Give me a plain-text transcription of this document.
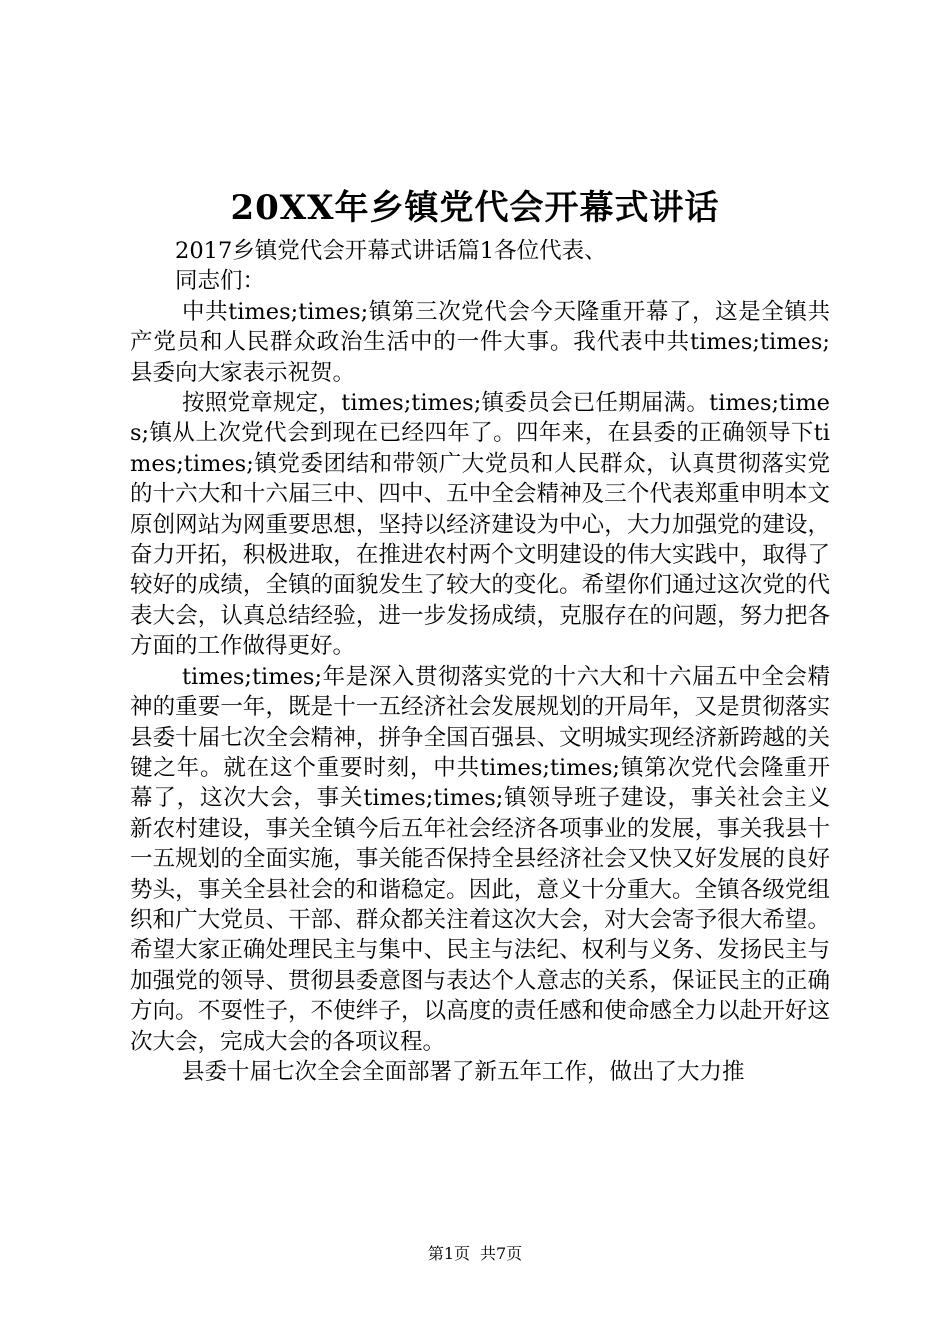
20XX年乡镇党代会开幕式讲话

2017乡镇党代会开幕式讲话篇1各位代表、

同志们：

中共times;times;镇第三次党代会今天隆重开幕了，这是全镇共产党员和人民群众政治生活中的一件大事。我代表中共times;times;县委向大家表示祝贺。

按照党章规定，times;times;镇委员会已任期届满。times;times;镇从上次党代会到现在已经四年了。四年来，在县委的正确领导下times;times;镇党委团结和带领广大党员和人民群众，认真贯彻落实党的十六大和十六届三中、四中、五中全会精神及三个代表郑重申明本文原创网站为网重要思想，坚持以经济建设为中心，大力加强党的建设，奋力开拓，积极进取，在推进农村两个文明建设的伟大实践中，取得了较好的成绩，全镇的面貌发生了较大的变化。希望你们通过这次党的代表大会，认真总结经验，进一步发扬成绩，克服存在的问题，努力把各方面的工作做得更好。

times;times;年是深入贯彻落实党的十六大和十六届五中全会精神的重要一年，既是十一五经济社会发展规划的开局年，又是贯彻落实县委十届七次全会精神，拼争全国百强县、文明城实现经济新跨越的关键之年。就在这个重要时刻，中共times;times;镇第次党代会隆重开幕了，这次大会，事关times;times;镇领导班子建设，事关社会主义新农村建设，事关全镇今后五年社会经济各项事业的发展，事关我县十一五规划的全面实施，事关能否保持全县经济社会又快又好发展的良好势头，事关全县社会的和谐稳定。因此，意义十分重大。全镇各级党组织和广大党员、干部、群众都关注着这次大会，对大会寄予很大希望。希望大家正确处理民主与集中、民主与法纪、权利与义务、发扬民主与加强党的领导、贯彻县委意图与表达个人意志的关系，保证民主的正确方向。不耍性子，不使绊子，以高度的责任感和使命感全力以赴开好这次大会，完成大会的各项议程。

县委十届七次全会全面部署了新五年工作，做出了大力推

第1页 共7页
